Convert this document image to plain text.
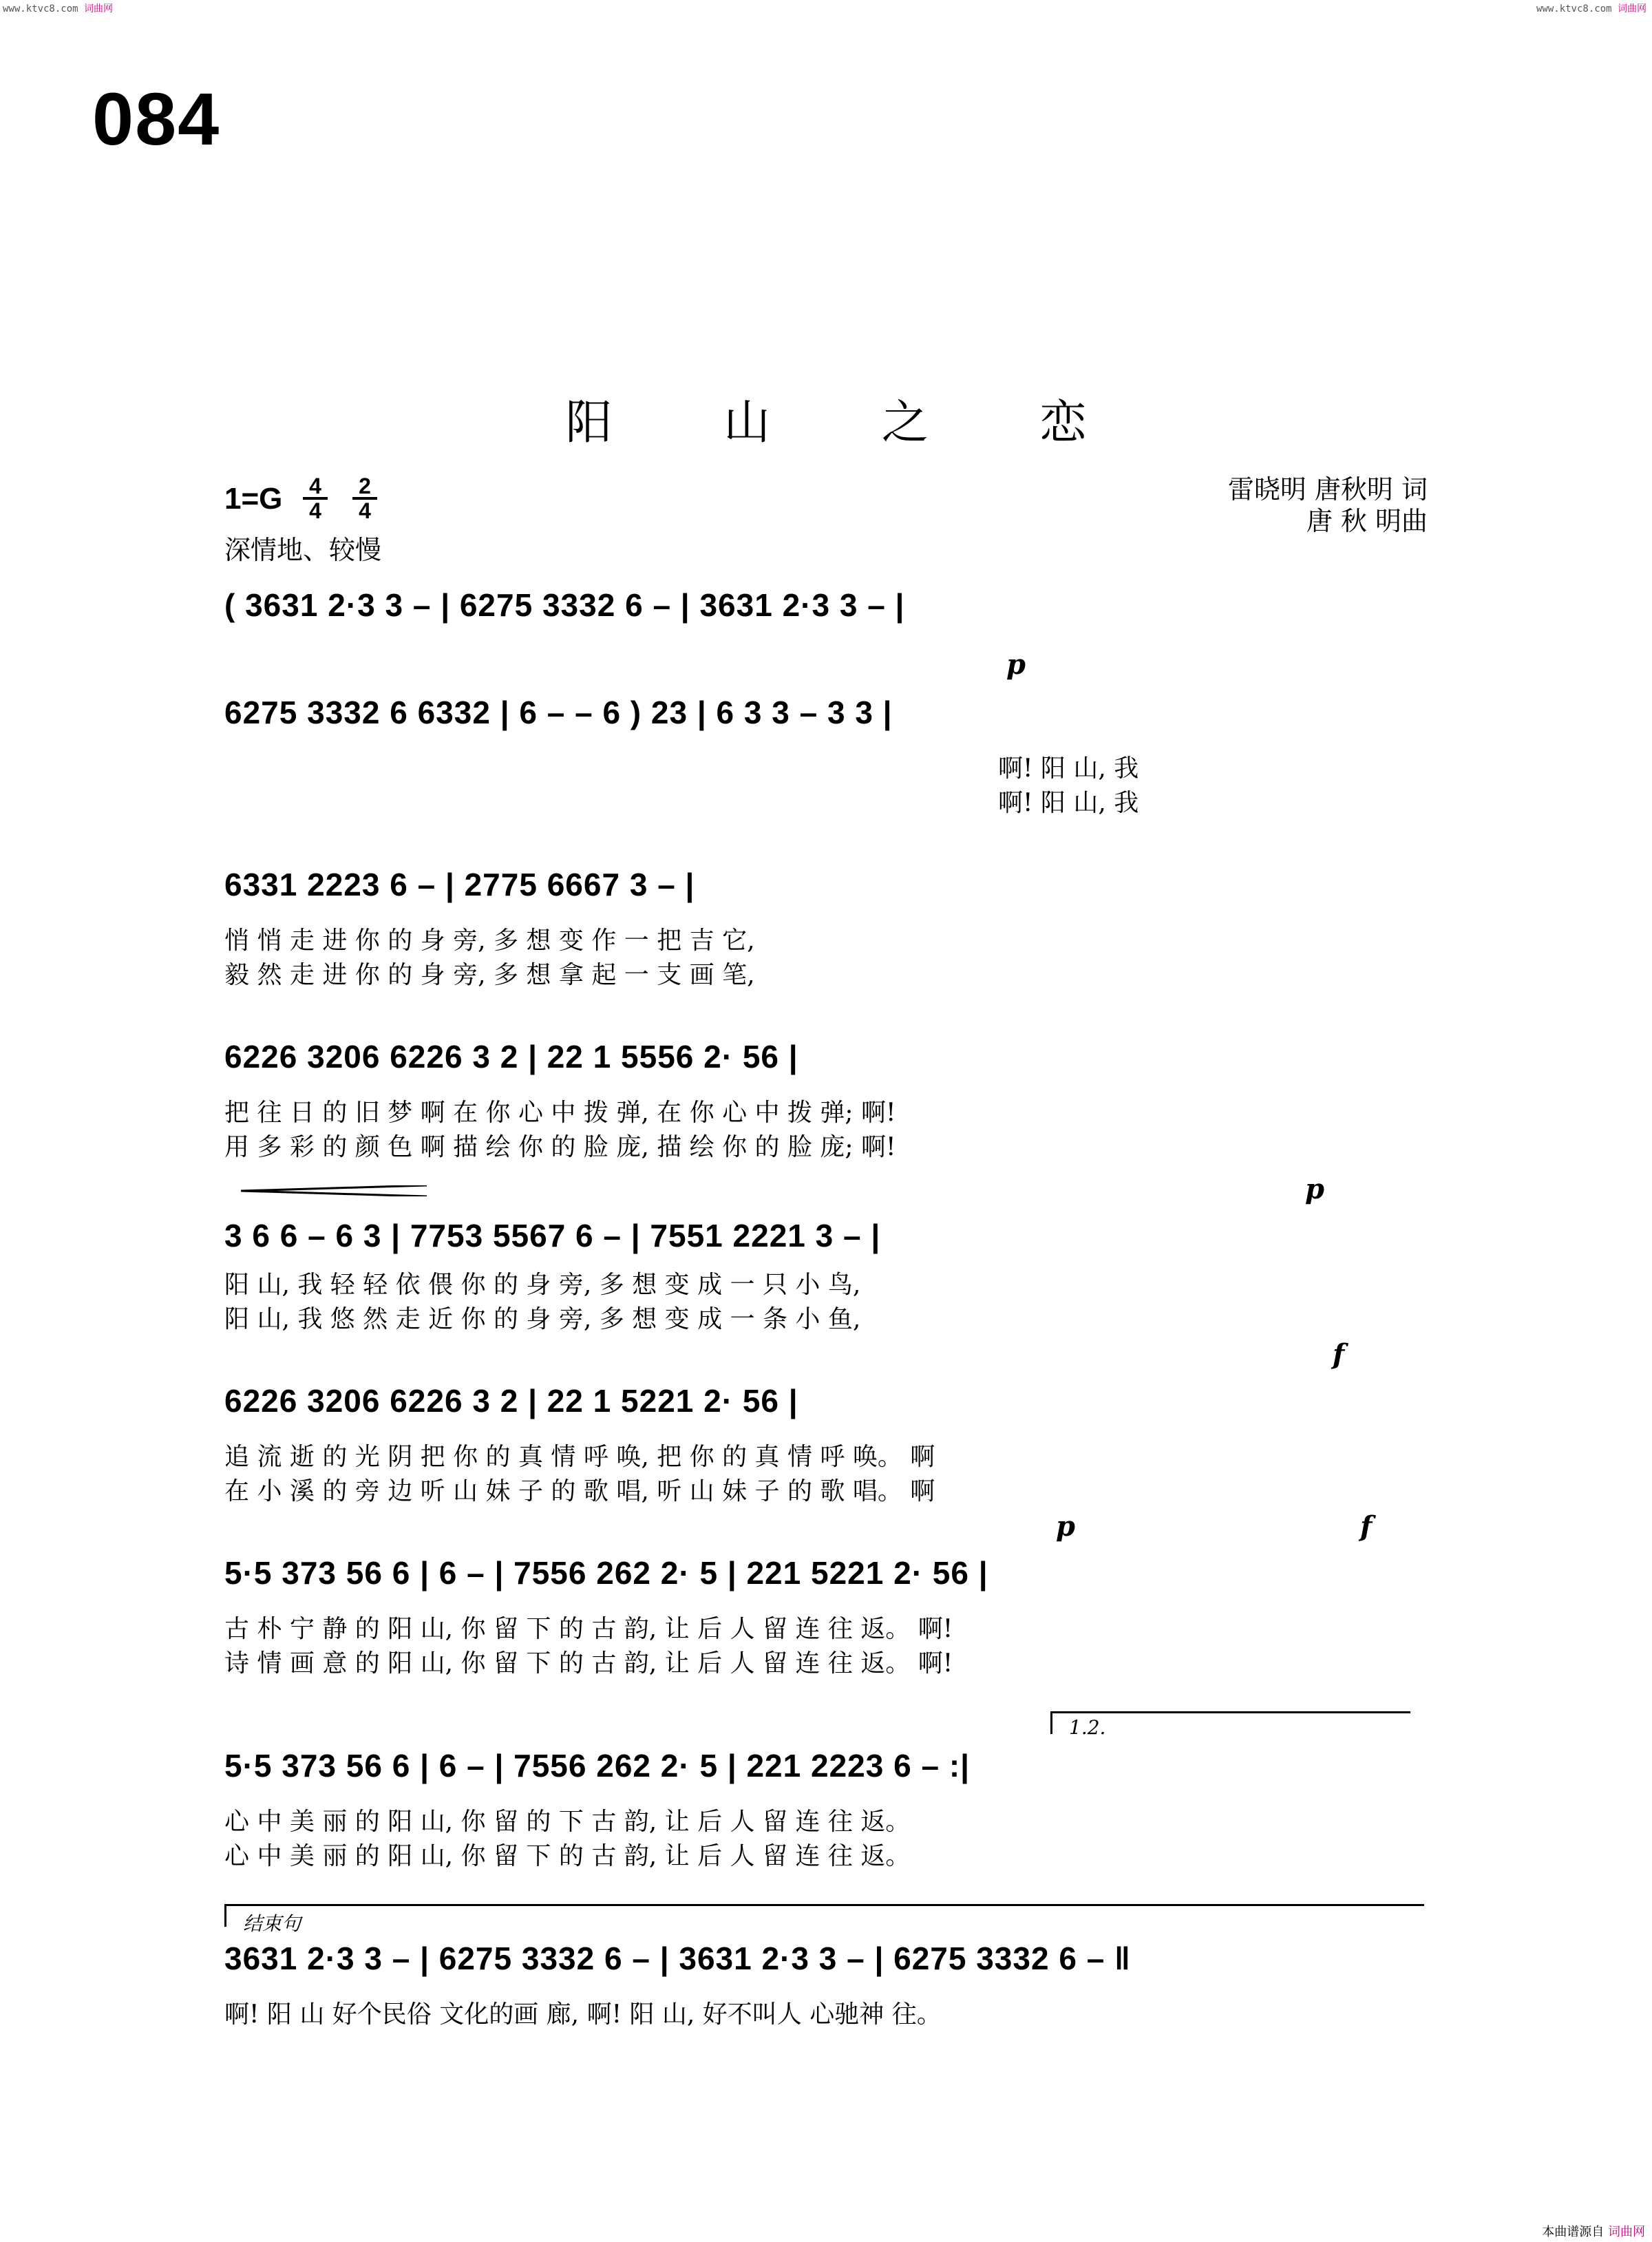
www.ktvc8.com 词曲网	www.ktvc8.com 词曲网
084
阳 山 之 恋
$1=G \frac{4}{4} \frac{2}{4}$
深情地、较慢
雷晓明 唐秋明 词
唐 秋 明曲
( 3631 2·3 3 – | 6275 3332 6 – | 3631 2·3 3 – |
p
6275 3332 6 6332 | 6 – – 6 ) 23 | 6 3 3 – 3 3 |
啊! 阳 山, 我
啊! 阳 山, 我
6331 2223 6 – | 2775 6667 3 – |
悄 悄 走 进 你 的 身 旁, 多 想 变 作 一 把 吉 它,
毅 然 走 进 你 的 身 旁, 多 想 拿 起 一 支 画 笔,
6226 3206 6226 3 2 | 22 1 5556 2· 56 |
把 往 日 的 旧 梦 啊 在 你 心 中 拨 弹, 在 你 心 中 拨 弹; 啊!
用 多 彩 的 颜 色 啊 描 绘 你 的 脸 庞, 描 绘 你 的 脸 庞; 啊!
p
3 6 6 – 6 3 | 7753 5567 6 – | 7551 2221 3 – |
阳 山, 我 轻 轻 依 偎 你 的 身 旁, 多 想 变 成 一 只 小 鸟,
阳 山, 我 悠 然 走 近 你 的 身 旁, 多 想 变 成 一 条 小 鱼,
f
6226 3206 6226 3 2 | 22 1 5221 2· 56 |
追 流 逝 的 光 阴 把 你 的 真 情 呼 唤, 把 你 的 真 情 呼 唤。 啊
在 小 溪 的 旁 边 听 山 妹 子 的 歌 唱, 听 山 妹 子 的 歌 唱。 啊
p	f
5·5 373 56 6 | 6 – | 7556 262 2· 5 | 221 5221 2· 56 |
古 朴 宁 静 的 阳 山, 你 留 下 的 古 韵, 让 后 人 留 连 往 返。 啊!
诗 情 画 意 的 阳 山, 你 留 下 的 古 韵, 让 后 人 留 连 往 返。 啊!
1.2.
5·5 373 56 6 | 6 – | 7556 262 2· 5 | 221 2223 6 – :|
心 中 美 丽 的 阳 山, 你 留 的 下 古 韵, 让 后 人 留 连 往 返。
心 中 美 丽 的 阳 山, 你 留 下 的 古 韵, 让 后 人 留 连 往 返。
结束句
3631 2·3 3 – | 6275 3332 6 – | 3631 2·3 3 – | 6275 3332 6 – ‖
啊! 阳 山 好个民俗 文化的画 廊, 啊! 阳 山, 好不叫人 心驰神 往。
本曲谱源自 词曲网
